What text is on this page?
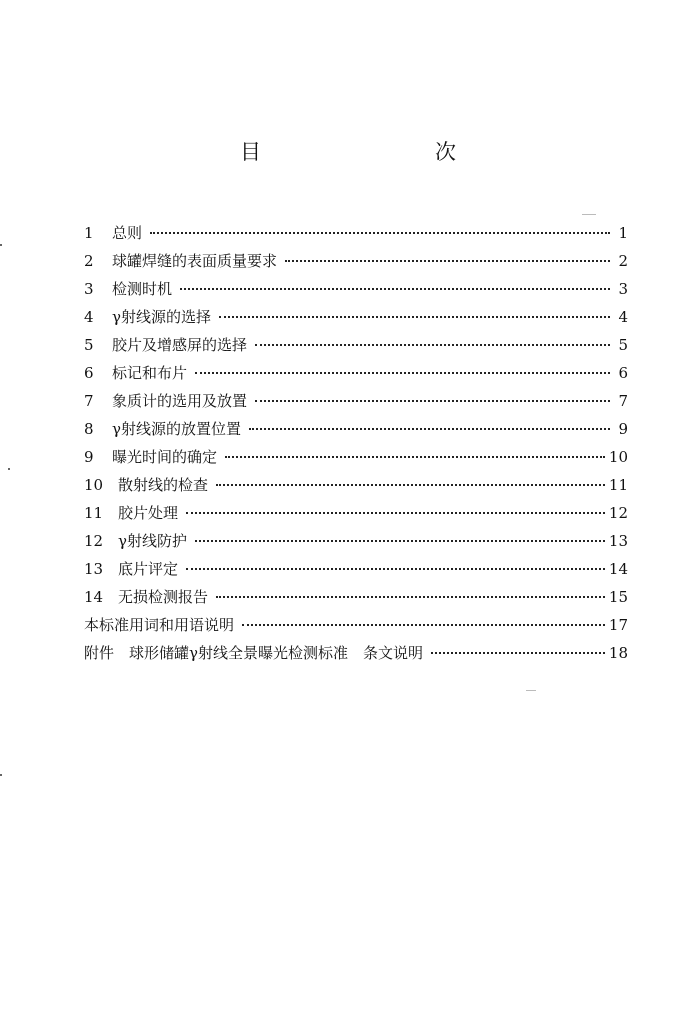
目　　次
1	总则	1
2	球罐焊缝的表面质量要求	2
3	检测时机	3
4	γ射线源的选择	4
5	胶片及增感屏的选择	5
6	标记和布片	6
7	象质计的选用及放置	7
8	γ射线源的放置位置	9
9	曝光时间的确定	10
10 散射线的检查	11
11 胶片处理	12
12 γ射线防护	13
13 底片评定	14
14 无损检测报告	15
本标准用词和用语说明	17
附件　球形储罐γ射线全景曝光检测标准　条文说明	18
